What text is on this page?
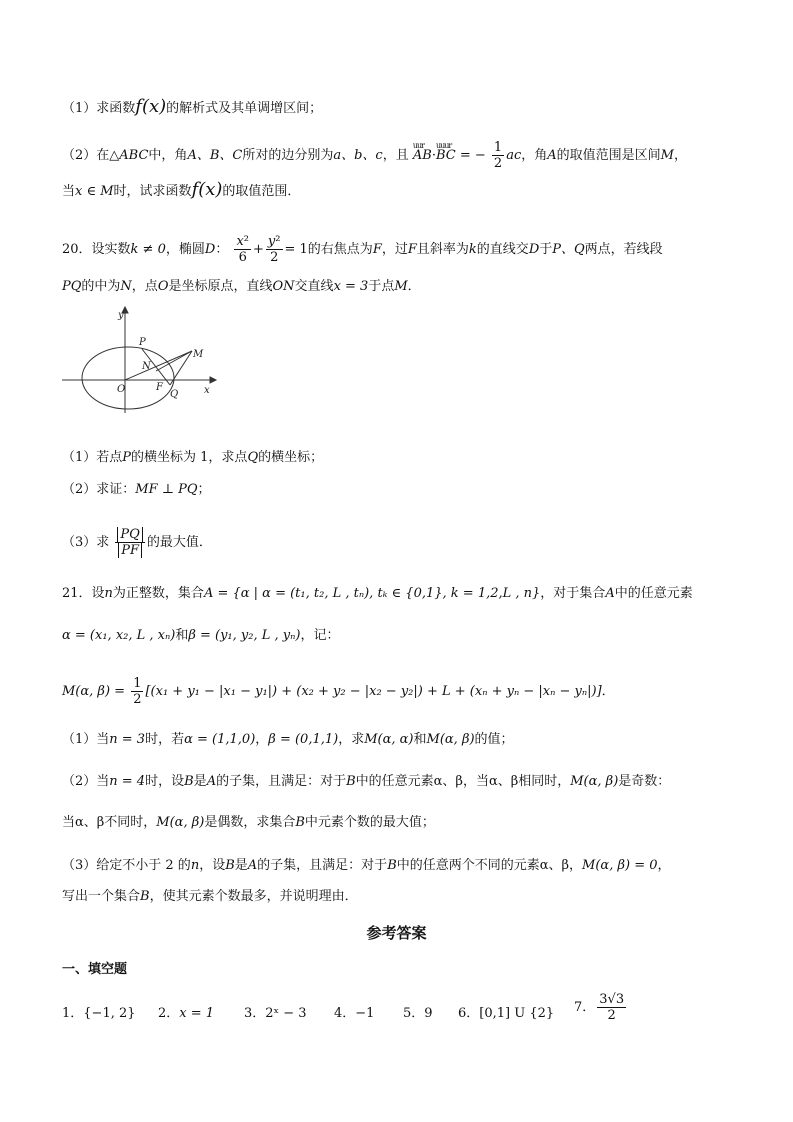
（1）求函数f(x)的解析式及其单调增区间；
（2）在△ABC中，角A、B、C所对的边分别为a、b、c，且
uur
AB·
uuur
BC = − $\frac{1}{2}$ ac，角A的取值范围是区间M，
当x ∈ M时，试求函数f(x)的取值范围．
20．设实数k ≠ 0，椭圆D： $\frac{\text{x²}}{6} + \frac{\text{y²}}{2} = 1$的右焦点为F，过F且斜率为k的直线交D于P、Q两点，若线段
PQ的中为N，点O是坐标原点，直线ON交直线x = 3于点M．
y
x
O
P
N
F
Q
M
（1）若点P的横坐标为 1，求点Q的横坐标；
（2）求证：MF ⊥ PQ；
（3）求 $\frac{PQ}{PF}$ 的最大值．
21．设n为正整数，集合A = {α | α = (t₁, t₂, L , tₙ), tₖ ∈ {0,1}, k = 1,2,L , n}，对于集合A中的任意元素
α = (x₁, x₂, L , xₙ)和β = (y₁, y₂, L , yₙ)，记：
M(α, $\beta) = \frac{1}{2} [(x_1 + y_1 - |x_1 - y_1|) + (x_2 + y_2 - |x_2 - y_2|) + L + (x_n + y_n - |x_n - y_n|)]$．
（1）当n = 3时，若α = (1,1,0)，β = (0,1,1)，求M(α, α)和M(α, β)的值；
（2）当n = 4时，设B是A的子集，且满足：对于B中的任意元素α、β，当α、β相同时，M(α, β)是奇数：
当α、β不同时，M(α, β)是偶数，求集合B中元素个数的最大值；
（3）给定不小于 2 的n，设B是A的子集，且满足：对于B中的任意两个不同的元素α、β，M(α, β) = 0，
写出一个集合B，使其元素个数最多，并说明理由．
参考答案
一、填空题
1．{−1, 2} 2．x = 1 3．2ˣ − 3 4．−1 5．9 6．[0,1] U {2} 7． $\frac{3√3}{2}$
